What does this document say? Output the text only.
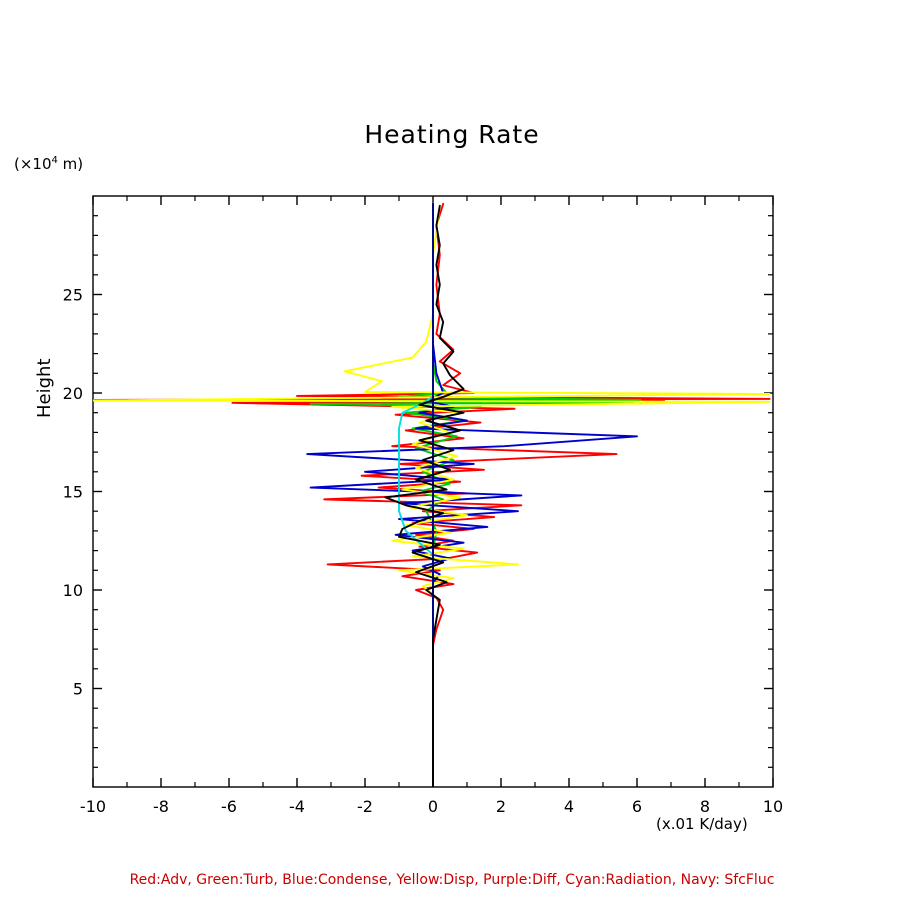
Heating Rate
($\times 10^4$ m)
Height
(x.01 K/day)
Red:Adv, Green:Turb, Blue:Condense, Yellow:Disp, Purple:Diff, Cyan:Radiation, Navy: SfcFluc
-10	-8	-6	-4	-2	0	2	4	6	8	10
5
10
15
20
25
